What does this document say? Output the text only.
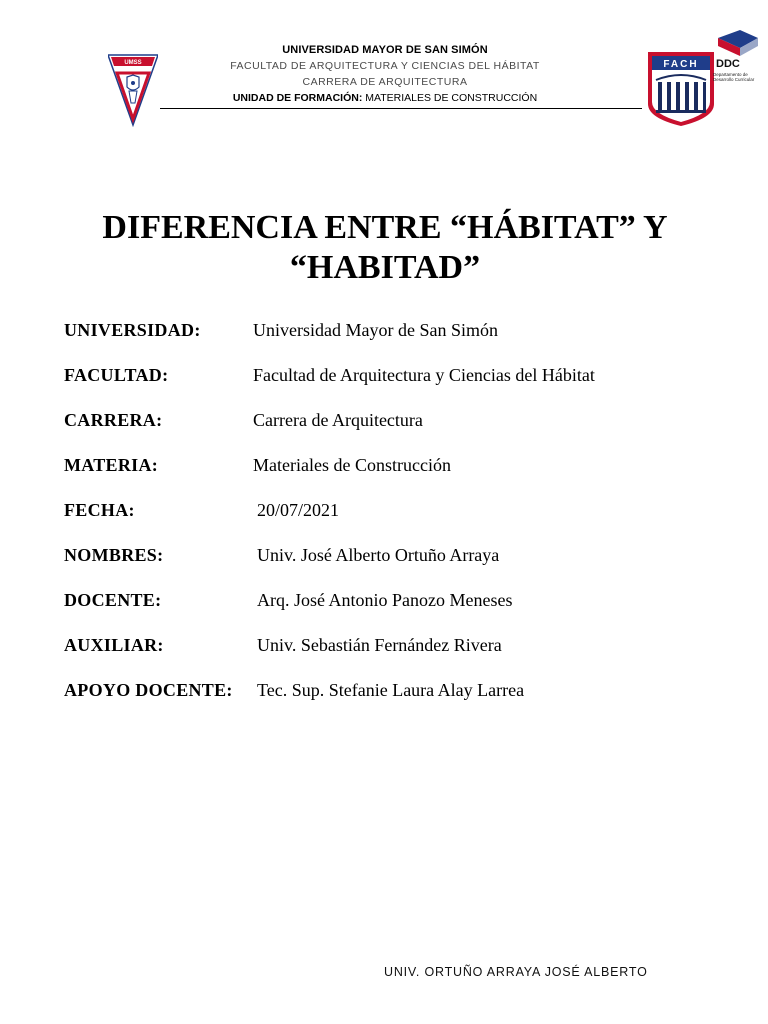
UMSS
UNIVERSIDAD MAYOR DE SAN SIMÓN
FACULTAD DE ARQUITECTURA Y CIENCIAS DEL HÁBITAT
CARRERA DE ARQUITECTURA
UNIDAD DE FORMACIÓN: MATERIALES DE CONSTRUCCIÓN
FACH DDC
Departamento de Desarrollo Curricular
DIFERENCIA ENTRE “HÁBITAT” Y
“HABITAD”
UNIVERSIDAD:	Universidad Mayor de San Simón
FACULTAD:	Facultad de Arquitectura y Ciencias del Hábitat
CARRERA:	Carrera de Arquitectura
MATERIA:	Materiales de Construcción
FECHA:	20/07/2021
NOMBRES:	Univ. José Alberto Ortuño Arraya
DOCENTE:	Arq. José Antonio Panozo Meneses
AUXILIAR:	Univ. Sebastián Fernández Rivera
APOYO DOCENTE: Tec. Sup. Stefanie Laura Alay Larrea
UNIV. ORTUÑO ARRAYA JOSÉ ALBERTO
